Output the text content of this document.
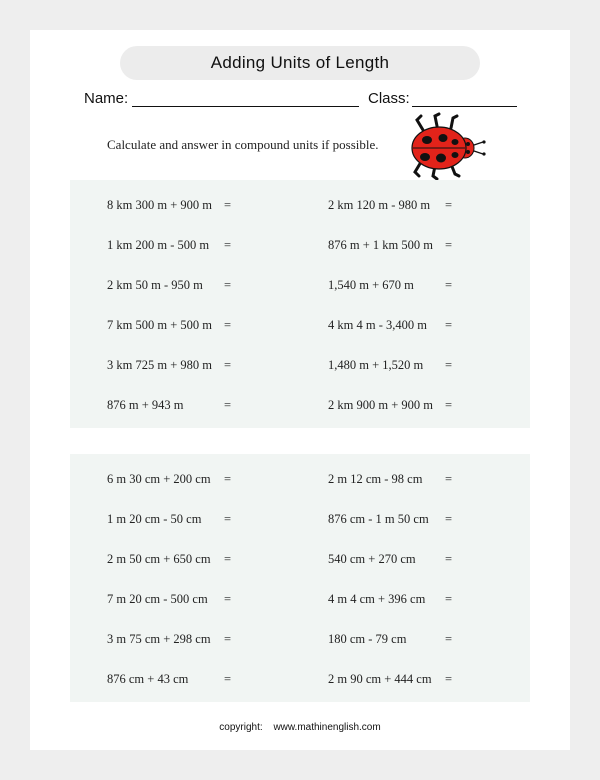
Adding Units of Length
Name:	Class:
Calculate and answer in compound units if possible.
8 km 300 m + 900 m =
1 km 200 m - 500 m =
2 km 50 m - 950 m =
7 km 500 m + 500 m =
3 km 725 m + 980 m =
876 m + 943 m	=
2 km 120 m - 980 m =
876 m + 1 km 500 m =
1,540 m + 670 m =
4 km 4 m - 3,400 m =
1,480 m + 1,520 m =
2 km 900 m + 900 m =
6 m 30 cm + 200 cm =
1 m 20 cm - 50 cm =
2 m 50 cm + 650 cm =
7 m 20 cm - 500 cm =
3 m 75 cm + 298 cm =
876 cm + 43 cm	=
2 m 12 cm - 98 cm =
876 cm - 1 m 50 cm =
540 cm + 270 cm =
4 m 4 cm + 396 cm =
180 cm - 79 cm	=
2 m 90 cm + 444 cm =
copyright: www.mathinenglish.com
